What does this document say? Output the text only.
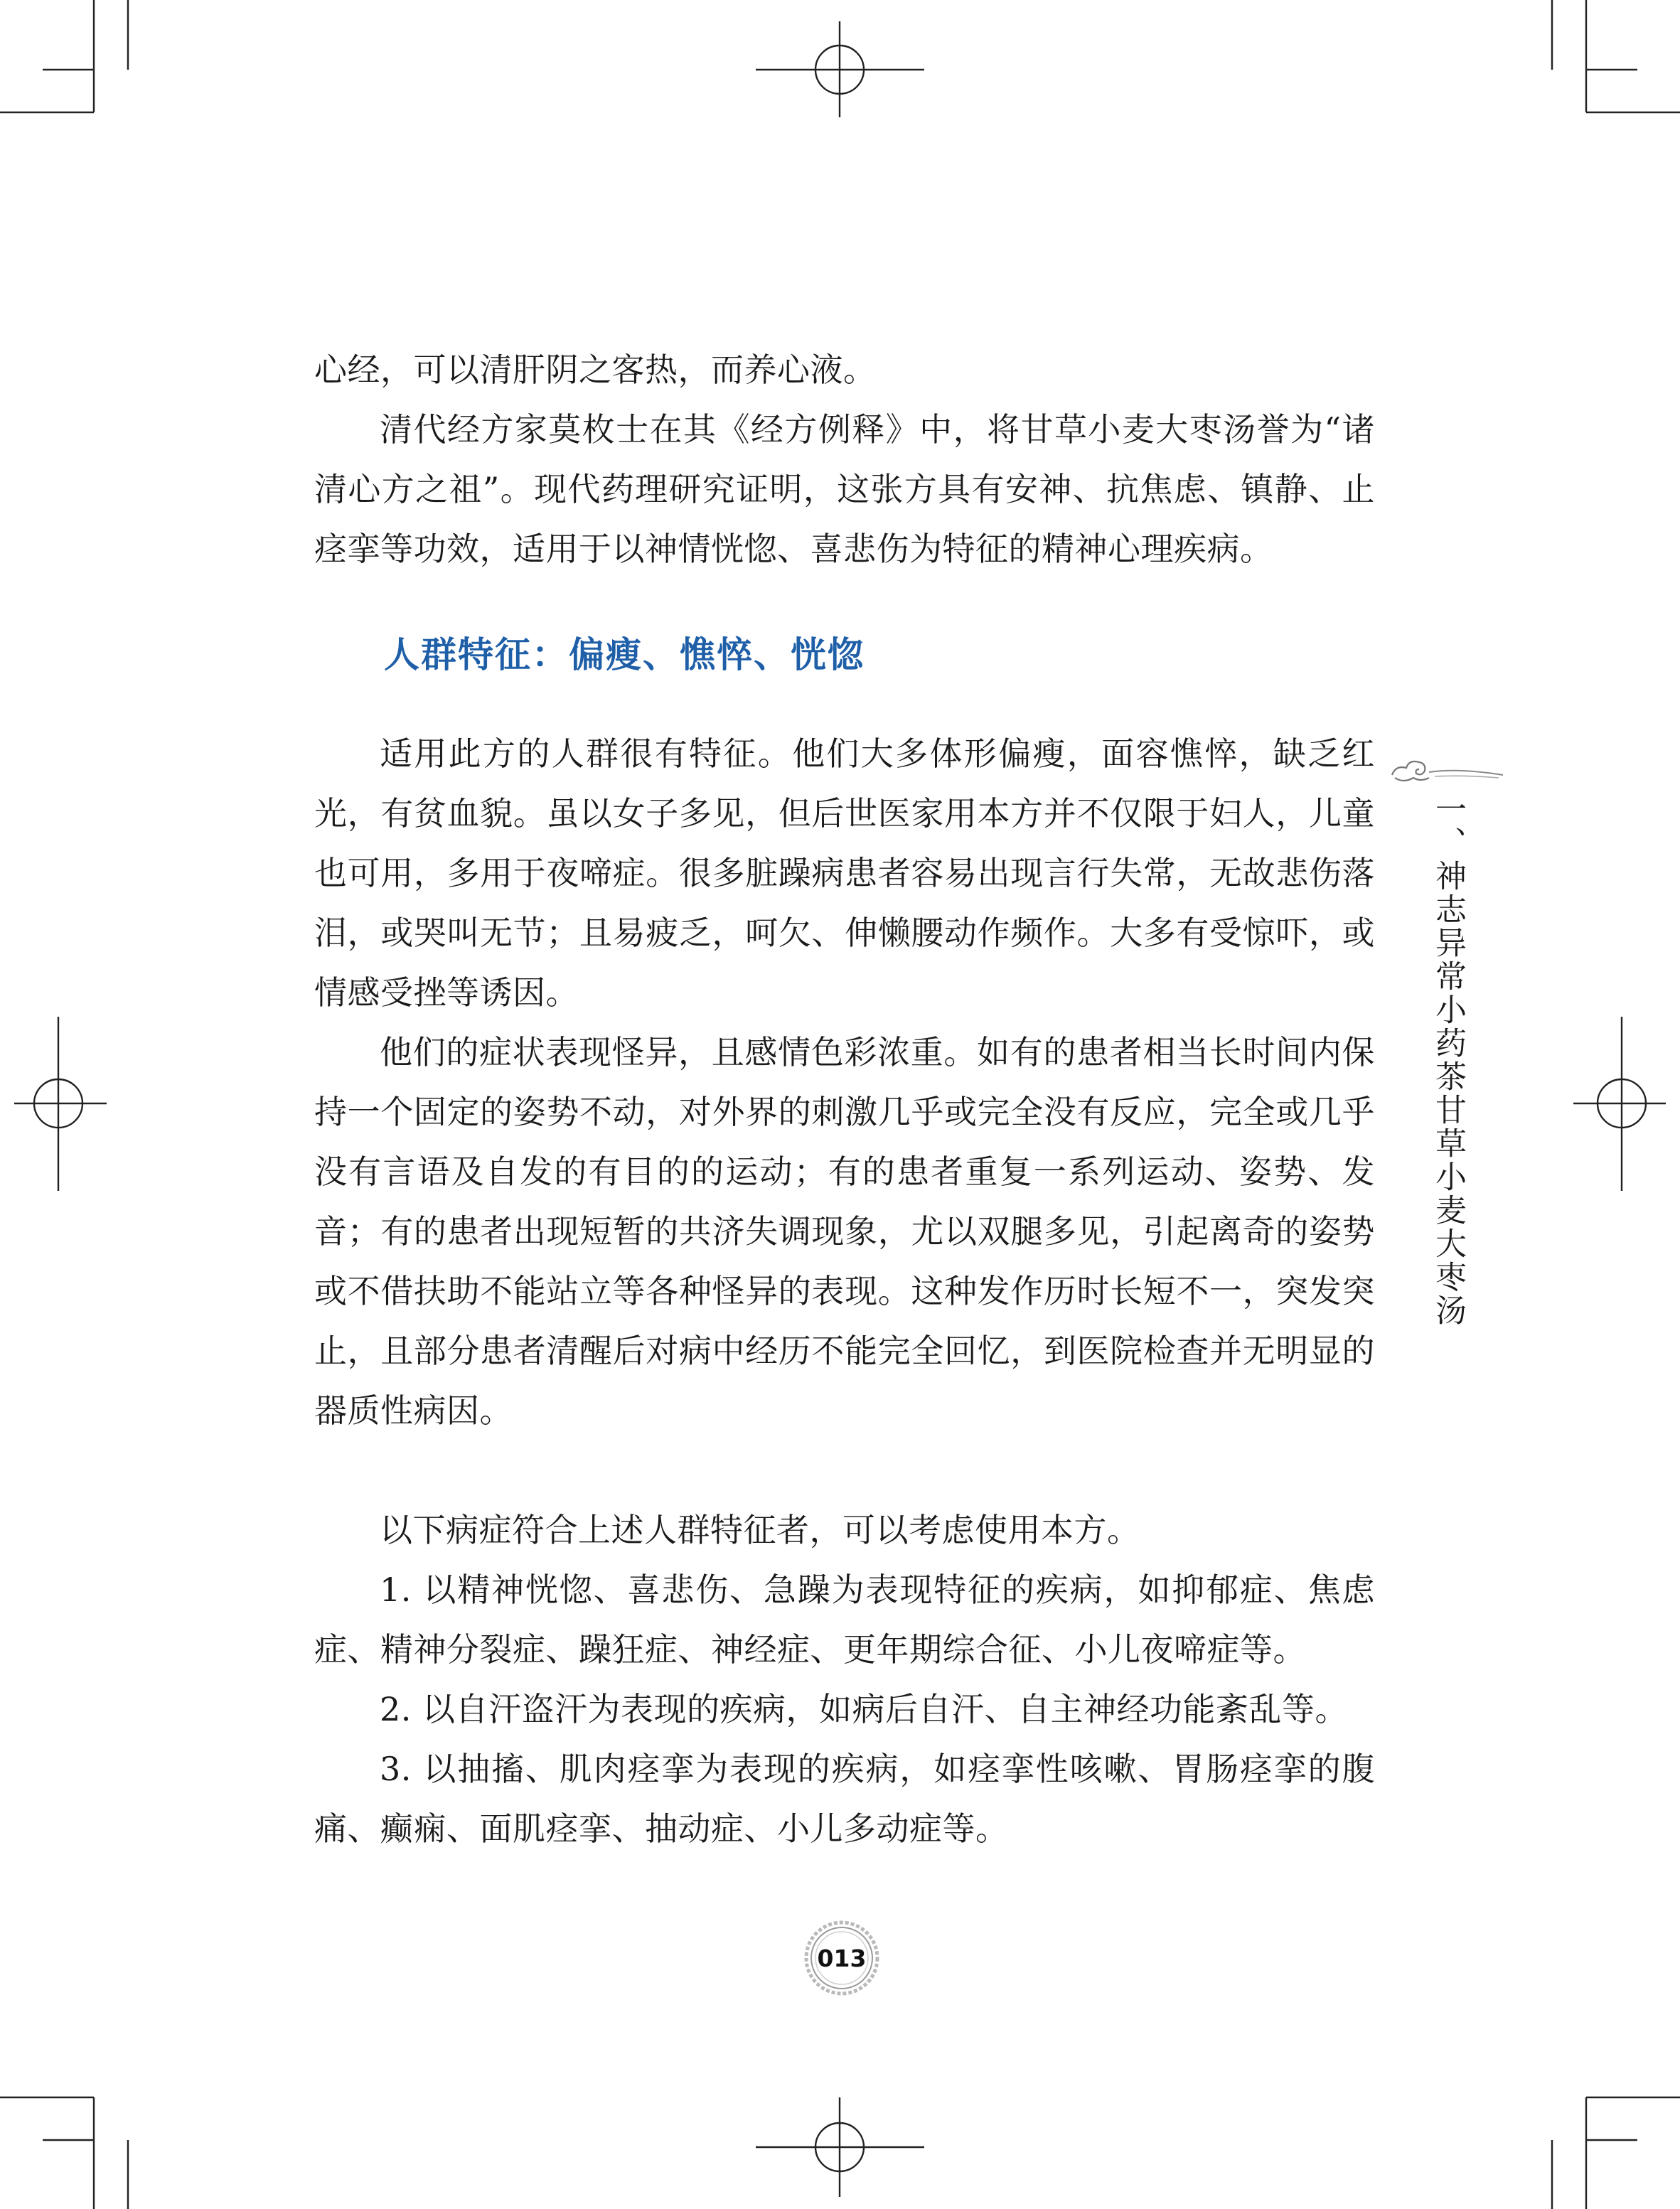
心经，可以清肝阴之客热，而养心液。

清代经方家莫枚士在其《经方例释》中，将甘草小麦大枣汤誉为“诸清心方之祖”。现代药理研究证明，这张方具有安神、抗焦虑、镇静、止痉挛等功效，适用于以神情恍惚、喜悲伤为特征的精神心理疾病。

人群特征：偏瘦、憔悴、恍惚

适用此方的人群很有特征。他们大多体形偏瘦，面容憔悴，缺乏红光，有贫血貌。虽以女子多见，但后世医家用本方并不仅限于妇人，儿童也可用，多用于夜啼症。很多脏躁病患者容易出现言行失常，无故悲伤落泪，或哭叫无节；且易疲乏，呵欠、伸懒腰动作频作。大多有受惊吓，或情感受挫等诱因。

他们的症状表现怪异，且感情色彩浓重。如有的患者相当长时间内保持一个固定的姿势不动，对外界的刺激几乎或完全没有反应，完全或几乎没有言语及自发的有目的的运动；有的患者重复一系列运动、姿势、发音；有的患者出现短暂的共济失调现象，尤以双腿多见，引起离奇的姿势或不借扶助不能站立等各种怪异的表现。这种发作历时长短不一，突发突止，且部分患者清醒后对病中经历不能完全回忆，到医院检查并无明显的器质性病因。

以下病症符合上述人群特征者，可以考虑使用本方。

1. 以精神恍惚、喜悲伤、急躁为表现特征的疾病，如抑郁症、焦虑症、精神分裂症、躁狂症、神经症、更年期综合征、小儿夜啼症等。

2. 以自汗盗汗为表现的疾病，如病后自汗、自主神经功能紊乱等。

3. 以抽搐、肌肉痉挛为表现的疾病，如痉挛性咳嗽、胃肠痉挛的腹痛、癫痫、面肌痉挛、抽动症、小儿多动症等。

一、神志异常小药茶甘草小麦大枣汤
013
